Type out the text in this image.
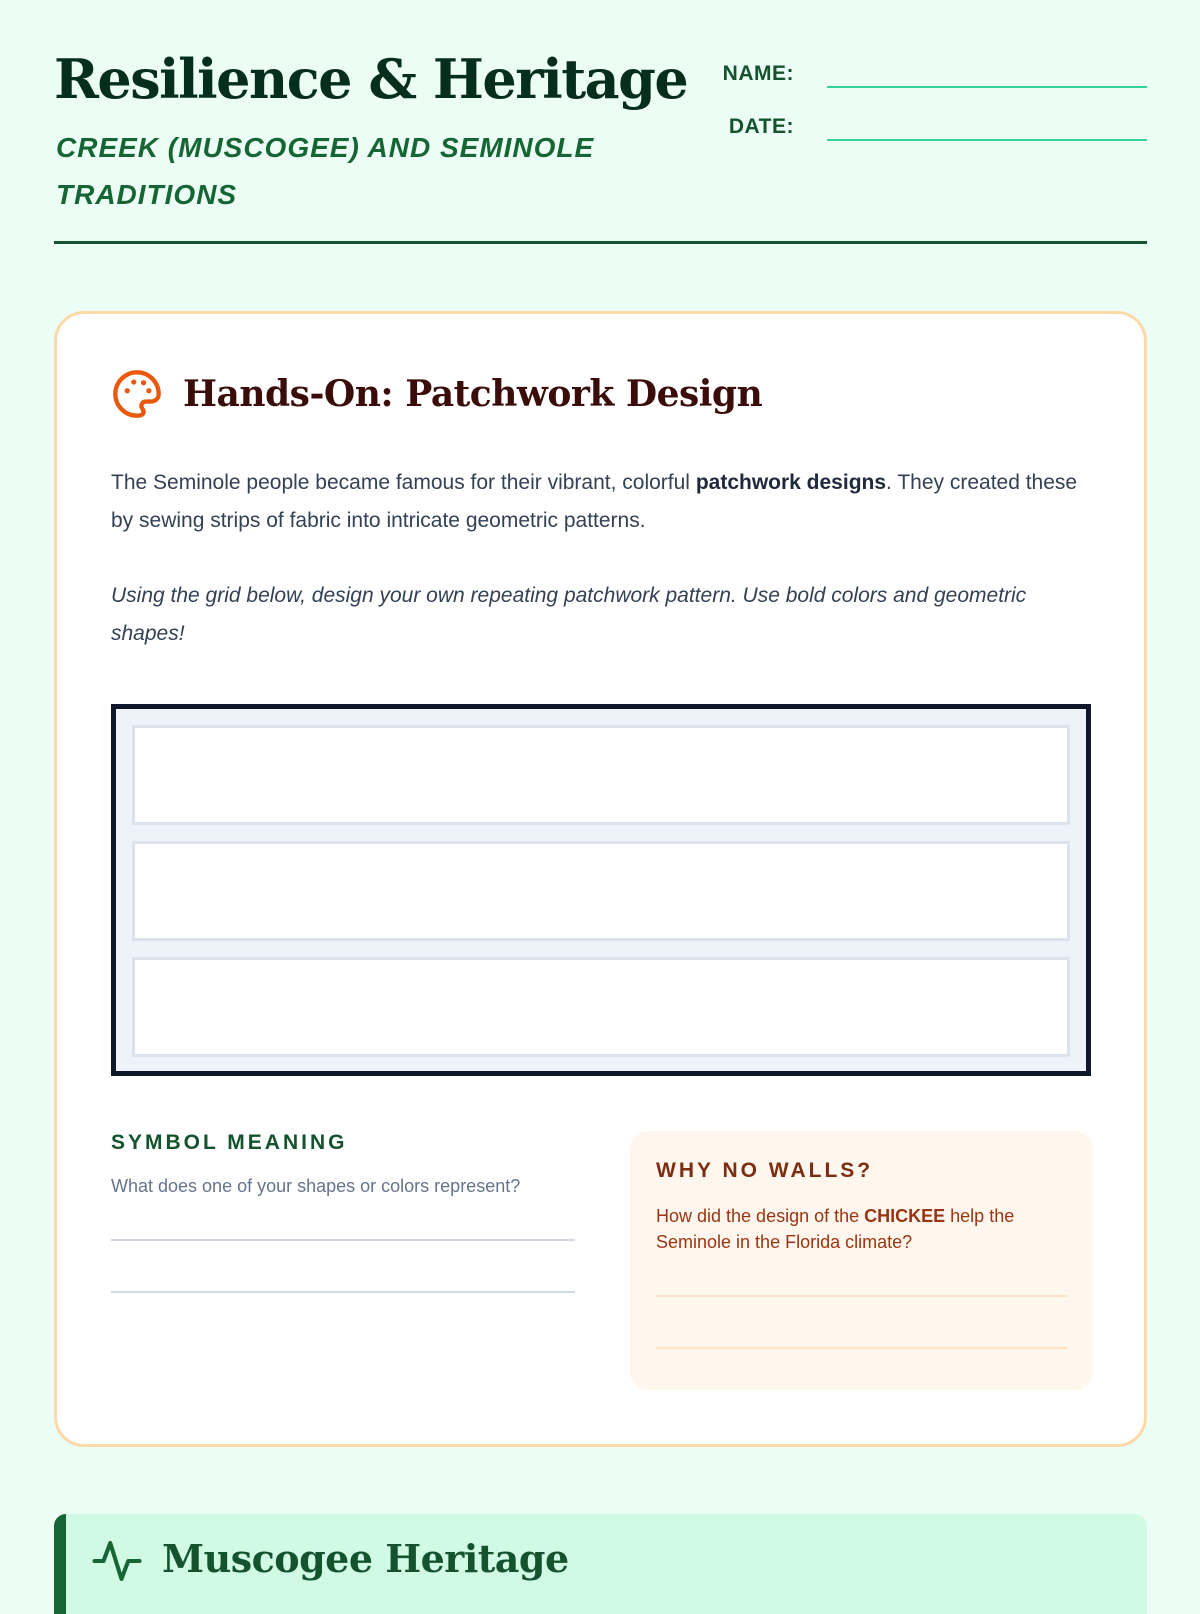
Resilience & Heritage

CREEK (MUSCOGEE) AND SEMINOLE TRADITIONS

NAME:
DATE:
Hands-On: Patchwork Design

The Seminole people became famous for their vibrant, colorful patchwork designs. They created these by sewing strips of fabric into intricate geometric patterns.

Using the grid below, design your own repeating patchwork pattern. Use bold colors and geometric shapes!

SYMBOL MEANING

What does one of your shapes or colors represent?

WHY NO WALLS?

How did the design of the CHICKEE help the Seminole in the Florida climate?

Muscogee Heritage
